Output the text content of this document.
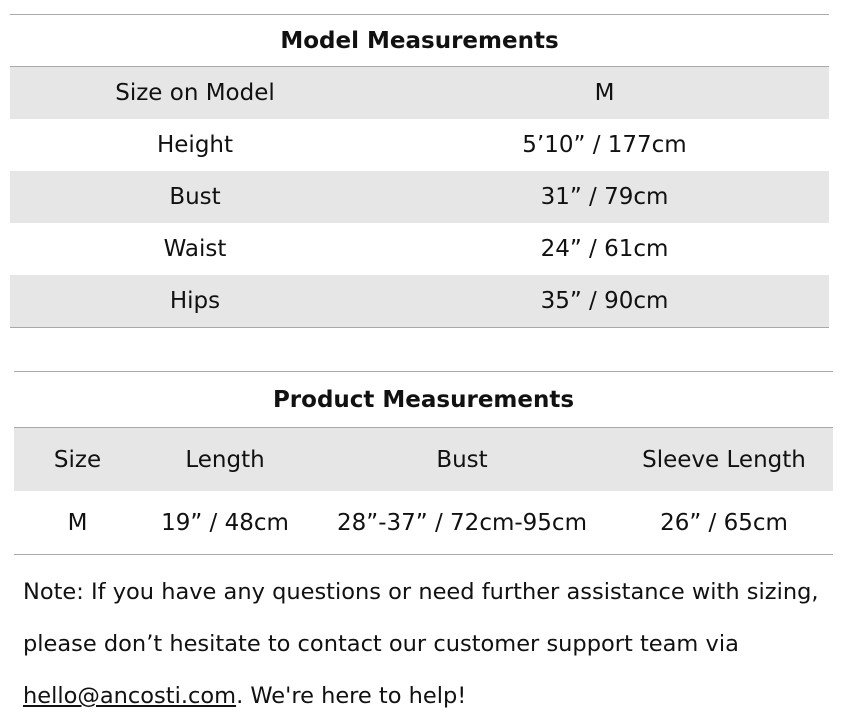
Model Measurements	
Size on Model	M
Height	5’10” / 177cm
Bust	31” / 79cm
Waist	24” / 61cm
Hips	35” / 90cm
Product Measurements			
Size	Length	Bust	Sleeve Length
M	19” / 48cm	28”-37” / 72cm-95cm	26” / 65cm
Note: If you have any questions or need further assistance with sizing,
please don’t hesitate to contact our customer support team via
hello@ancosti.com. We're here to help!
